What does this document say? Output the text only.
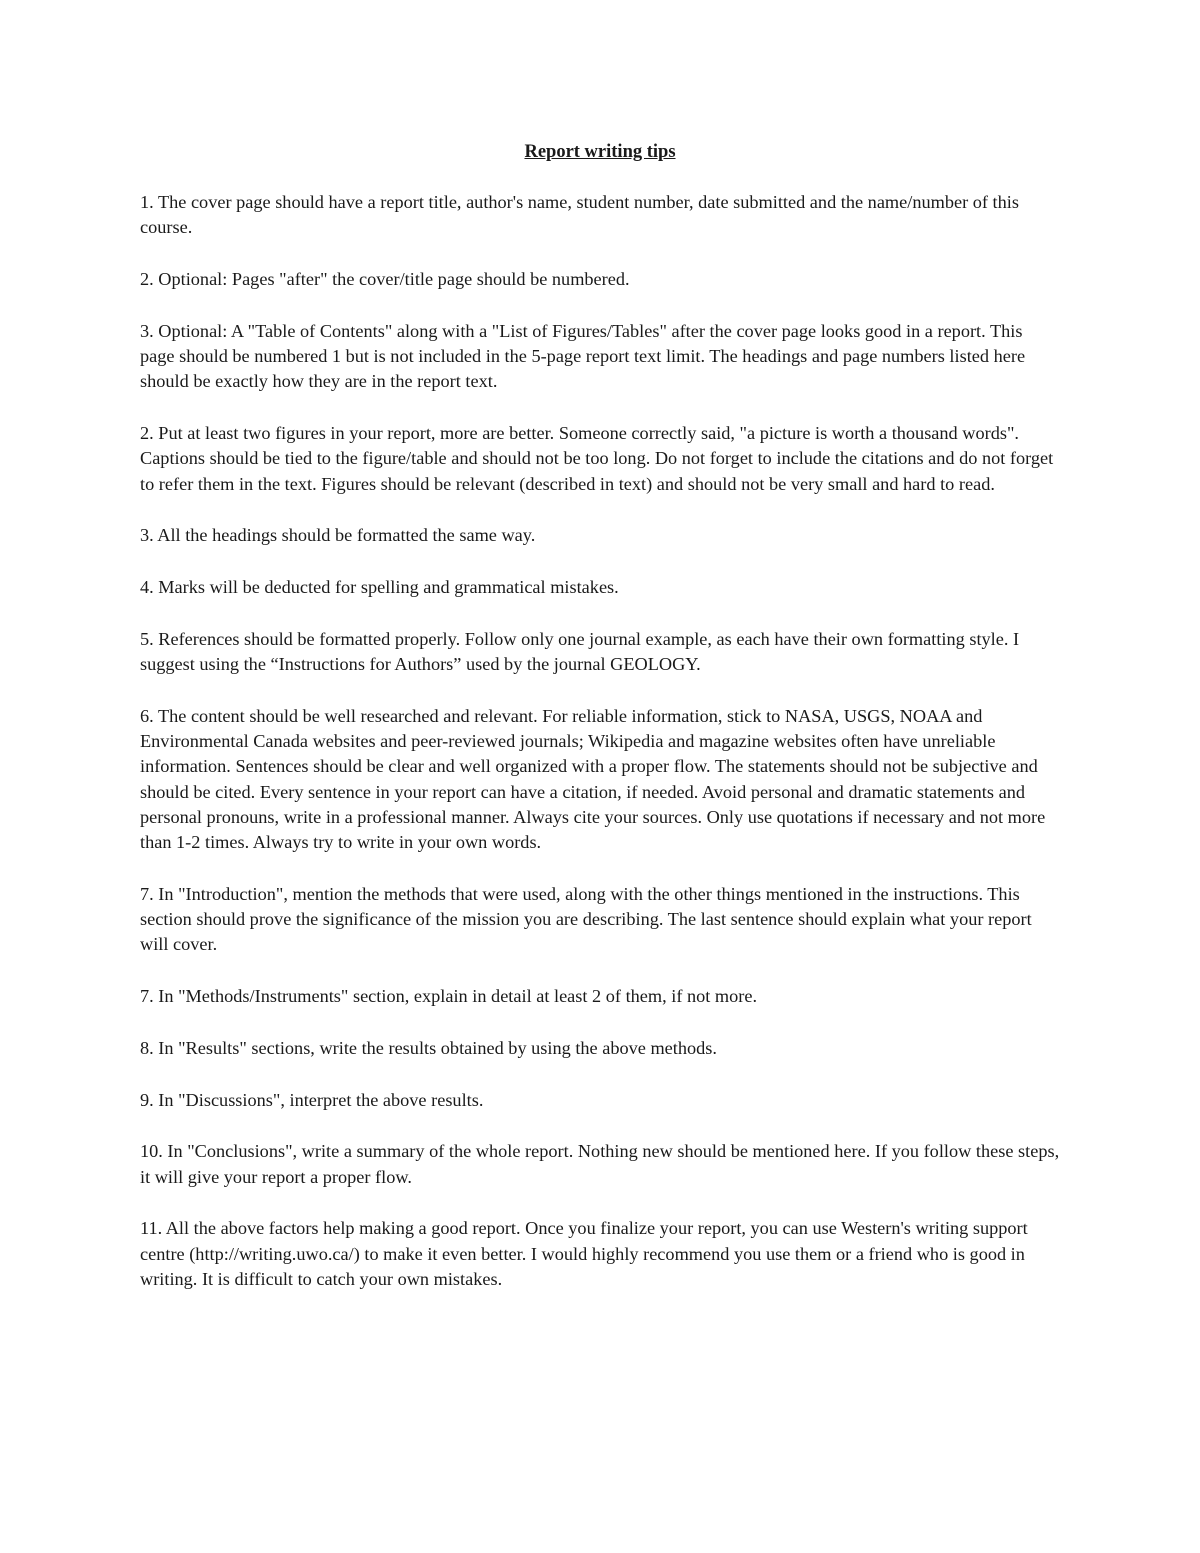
Report writing tips

1. The cover page should have a report title, author's name, student number, date submitted and the name/number of this course.

2. Optional: Pages "after" the cover/title page should be numbered.

3. Optional: A "Table of Contents" along with a "List of Figures/Tables" after the cover page looks good in a report. This page should be numbered 1 but is not included in the 5-page report text limit. The headings and page numbers listed here should be exactly how they are in the report text.

2. Put at least two figures in your report, more are better. Someone correctly said, "a picture is worth a thousand words". Captions should be tied to the figure/table and should not be too long. Do not forget to include the citations and do not forget to refer them in the text. Figures should be relevant (described in text) and should not be very small and hard to read.

3. All the headings should be formatted the same way.

4. Marks will be deducted for spelling and grammatical mistakes.

5. References should be formatted properly. Follow only one journal example, as each have their own formatting style. I suggest using the “Instructions for Authors” used by the journal GEOLOGY.

6. The content should be well researched and relevant. For reliable information, stick to NASA, USGS, NOAA and Environmental Canada websites and peer-reviewed journals; Wikipedia and magazine websites often have unreliable information. Sentences should be clear and well organized with a proper flow. The statements should not be subjective and should be cited. Every sentence in your report can have a citation, if needed. Avoid personal and dramatic statements and personal pronouns, write in a professional manner. Always cite your sources. Only use quotations if necessary and not more than 1-2 times. Always try to write in your own words.

7. In "Introduction", mention the methods that were used, along with the other things mentioned in the instructions. This section should prove the significance of the mission you are describing. The last sentence should explain what your report will cover.

7. In "Methods/Instruments" section, explain in detail at least 2 of them, if not more.

8. In "Results" sections, write the results obtained by using the above methods.

9. In "Discussions", interpret the above results.

10. In "Conclusions", write a summary of the whole report. Nothing new should be mentioned here. If you follow these steps, it will give your report a proper flow.

11. All the above factors help making a good report. Once you finalize your report, you can use Western's writing support centre (http://writing.uwo.ca/) to make it even better. I would highly recommend you use them or a friend who is good in writing. It is difficult to catch your own mistakes.
